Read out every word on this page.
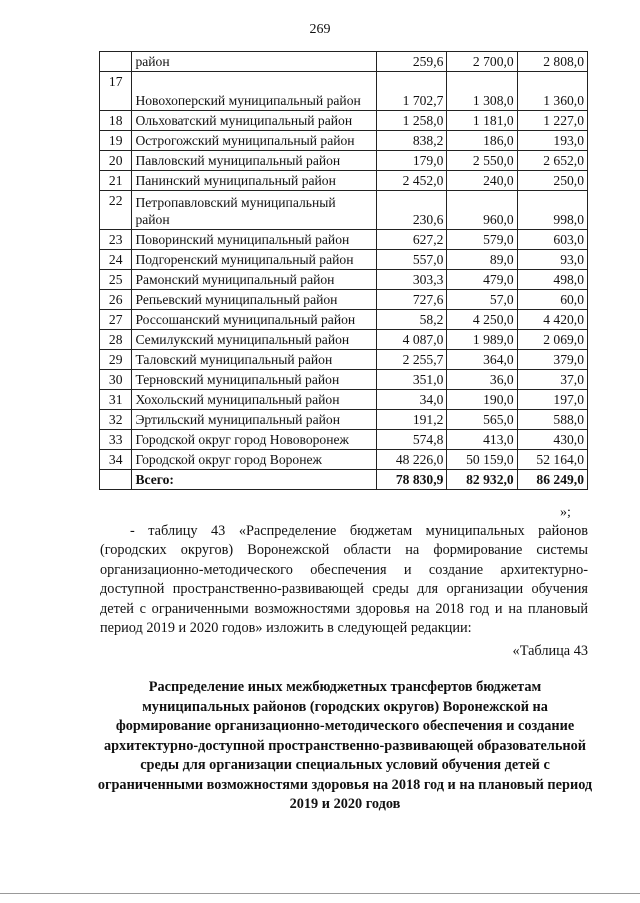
269
	район	259,6	2 700,0	2 808,0
17	Новохоперский муниципальный район	1 702,7	1 308,0	1 360,0
18	Ольховатский муниципальный район	1 258,0	1 181,0	1 227,0
19	Острогожский муниципальный район	838,2	186,0	193,0
20	Павловский муниципальный район	179,0	2 550,0	2 652,0
21	Панинский муниципальный район	2 452,0	240,0	250,0
22	Петропавловский муниципальный район	230,6	960,0	998,0
23	Поворинский муниципальный район	627,2	579,0	603,0
24	Подгоренский муниципальный район	557,0	89,0	93,0
25	Рамонский муниципальный район	303,3	479,0	498,0
26	Репьевский муниципальный район	727,6	57,0	60,0
27	Россошанский муниципальный район	58,2	4 250,0	4 420,0
28	Семилукский муниципальный район	4 087,0	1 989,0	2 069,0
29	Таловский муниципальный район	2 255,7	364,0	379,0
30	Терновский муниципальный район	351,0	36,0	37,0
31	Хохольский муниципальный район	34,0	190,0	197,0
32	Эртильский муниципальный район	191,2	565,0	588,0
33	Городской округ город Нововоронеж	574,8	413,0	430,0
34	Городской округ город Воронеж	48 226,0	50 159,0	52 164,0
	Всего:	78 830,9	82 932,0	86 249,0
»;
- таблицу 43 «Распределение бюджетам муниципальных районов (городских округов) Воронежской области на формирование системы организационно-методического обеспечения и создание архитектурно-доступной пространственно-развивающей среды для организации обучения детей с ограниченными возможностями здоровья на 2018 год и на плановый период 2019 и 2020 годов» изложить в следующей редакции:
«Таблица 43
Распределение иных межбюджетных трансфертов бюджетам муниципальных районов (городских округов) Воронежской на формирование организационно-методического обеспечения и создание архитектурно-доступной пространственно-развивающей образовательной среды для организации специальных условий обучения детей с ограниченными возможностями здоровья на 2018 год и на плановый период 2019 и 2020 годов
